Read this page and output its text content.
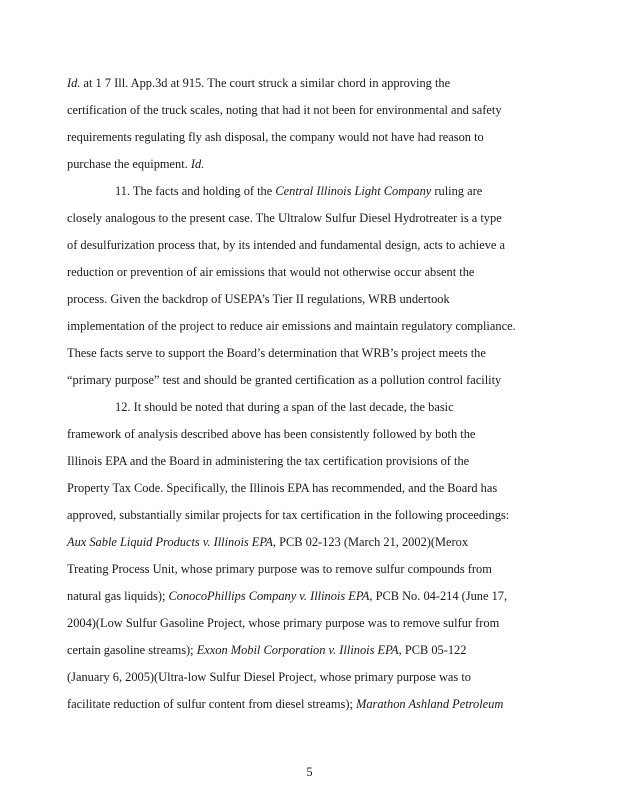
Id. at 1 7 Ill. App.3d at 915. The court struck a similar chord in approving the
certification of the truck scales, noting that had it not been for environmental and safety
requirements regulating fly ash disposal, the company would not have had reason to
purchase the equipment. Id.
11. The facts and holding of the Central Illinois Light Company ruling are
closely analogous to the present case. The Ultralow Sulfur Diesel Hydrotreater is a type
of desulfurization process that, by its intended and fundamental design, acts to achieve a
reduction or prevention of air emissions that would not otherwise occur absent the
process. Given the backdrop of USEPA’s Tier II regulations, WRB undertook
implementation of the project to reduce air emissions and maintain regulatory compliance.
These facts serve to support the Board’s determination that WRB’s project meets the
“primary purpose” test and should be granted certification as a pollution control facility
12. It should be noted that during a span of the last decade, the basic
framework of analysis described above has been consistently followed by both the
Illinois EPA and the Board in administering the tax certification provisions of the
Property Tax Code. Specifically, the Illinois EPA has recommended, and the Board has
approved, substantially similar projects for tax certification in the following proceedings:
Aux Sable Liquid Products v. Illinois EPA, PCB 02-123 (March 21, 2002)(Merox
Treating Process Unit, whose primary purpose was to remove sulfur compounds from
natural gas liquids); ConocoPhillips Company v. Illinois EPA, PCB No. 04-214 (June 17,
2004)(Low Sulfur Gasoline Project, whose primary purpose was to remove sulfur from
certain gasoline streams); Exxon Mobil Corporation v. Illinois EPA, PCB 05-122
(January 6, 2005)(Ultra-low Sulfur Diesel Project, whose primary purpose was to
facilitate reduction of sulfur content from diesel streams); Marathon Ashland Petroleum
5
